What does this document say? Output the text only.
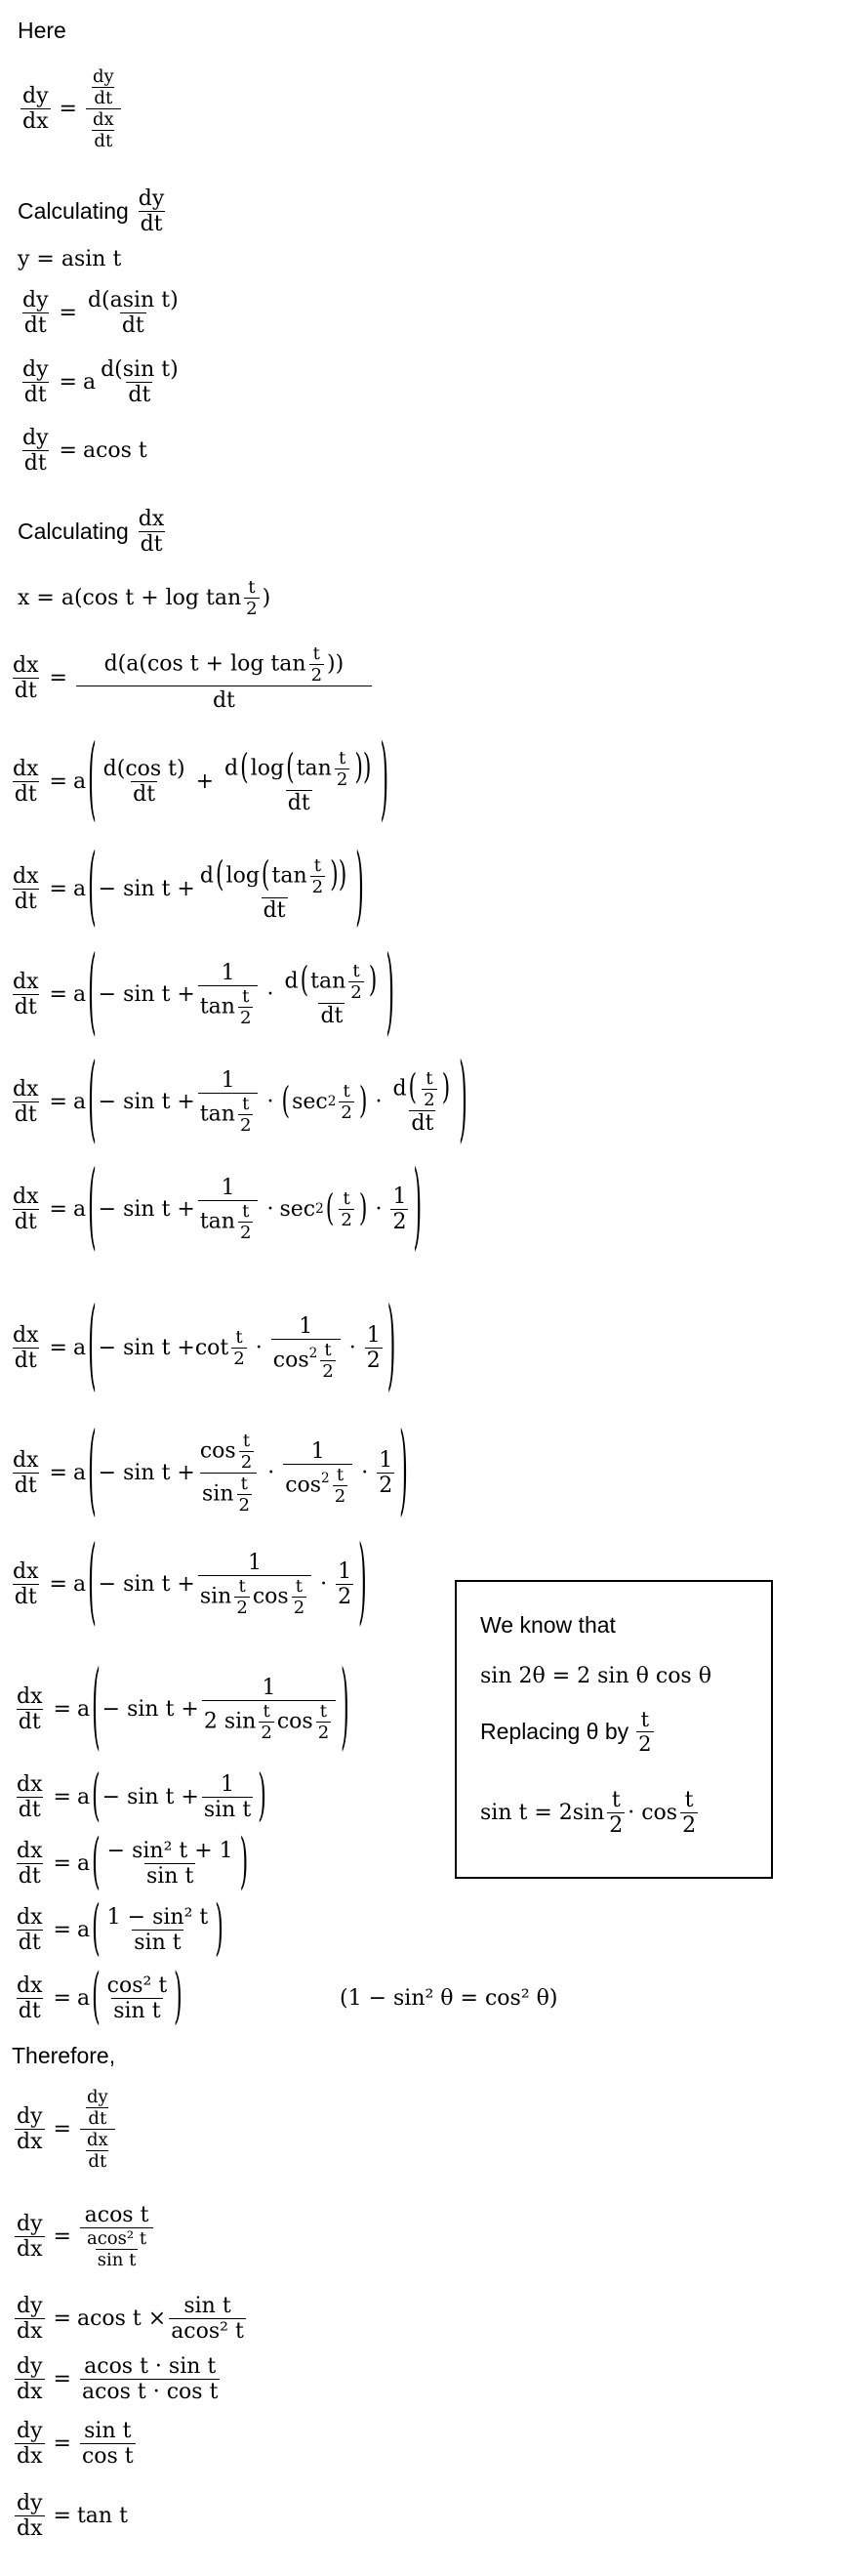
Here
$\frac{dy}{dx} = \frac{\frac{dy}{dt}}{\frac{dx}{dt}}$
Calculating $\frac{dy}{dt}$
y = asin t
$\frac{dy}{dt} = \frac{\text{d(asin t)}}{dt}$
$\frac{dy}{dt} = a \frac{\text{d(sin t)}}{dt}$
$\frac{dy}{dt} = acos$ t
Calculating $\frac{dx}{dt}$
x = a(cos $t + \log \tan \frac{t}{2}$ )
$\frac{dx}{dt} = \frac{d(a(\cos t + \log \tan \frac{t}{2} ))}{dt}$
$\frac{dx}{dt} = a$ ( $\frac{\text{d(cos t)}}{dt} + \frac{d(\log(\tan \frac{t}{2} ))}{dt}$ )
$\frac{dx}{dt} = a$ ( − $\sin t + \frac{d(\log(\tan \frac{t}{2} ))}{dt}$ )
$\frac{dx}{dt} = a$ ( − $\sin t + \frac{1}{\tan \frac{t}{2}} \cdot \frac{d(\tan \frac{t}{2} )}{dt}$ )
$\frac{dx}{dt} = a$ ( − $\sin t + \frac{1}{\tan \frac{t}{2}}$ · ( $\sec 2 \frac{t}{2}$ ) · $\frac{d( \frac{t}{2} )}{dt}$ )
$\frac{dx}{dt} = a$ ( − $\sin t + \frac{1}{\tan \frac{t}{2}} \cdot \sec 2$ ( $\frac{t}{2}$ ) · $\frac{1}{2}$ )
$\frac{dx}{dt} = a$ ( − $\sin t + \cot \frac{t}{2} \cdot \frac{1}{\cos^2 \frac{t}{2}} \cdot \frac{1}{2}$ )
$\frac{dx}{dt} = a$ ( − $\sin t + \frac{\cos \frac{t}{2}}{\sin \frac{t}{2}} \cdot \frac{1}{\cos^2 \frac{t}{2}} \cdot \frac{1}{2}$ )
$\frac{dx}{dt} = a$ ( − $\sin t + \frac{1}{\sin \frac{t}{2} \cos \frac{t}{2}} \cdot \frac{1}{2}$ )
$\frac{dx}{dt} = a$ ( − $\sin t + \frac{1}{2 \sin \frac{t}{2} \cos \frac{t}{2}}$ )
$\frac{dx}{dt} = a$ ( − $\sin t + \frac{1}{\text{sin t}}$ )
$\frac{dx}{dt} = a$ ( $\frac{\text{− sin² t + 1}}{\text{sin t}}$ )
$\frac{dx}{dt} = a$ ( $\frac{\text{1 − sin² t}}{\text{sin t}}$ )
$\frac{dx}{dt} = a$ ( $\frac{\text{cos² t}}{\text{sin t}}$ )	(1 − sin² θ = cos² θ)
Therefore,
$\frac{dy}{dx} = \frac{\frac{dy}{dt}}{\frac{dx}{dt}}$
$\frac{dy}{dx} = \frac{\text{acos t}}{\frac{\text{acos² t}}{\text{sin t}}}$
$\frac{dy}{dx} = acos$ $t \times \frac{\text{sin t}}{\text{acos² t}}$
$\frac{dy}{dx} = \frac{\text{acos t · sin t}}{\text{acos t · cos t}}$
$\frac{dy}{dx} = \frac{\text{sin t}}{\text{cos t}}$
$\frac{dy}{dx} = \tan t$
We know that
sin 2θ = 2 sin θ cos θ
Replacing θ by $\frac{t}{2}$
$\sin t = 2\sin \frac{t}{2} \cdot \cos \frac{t}{2}$
